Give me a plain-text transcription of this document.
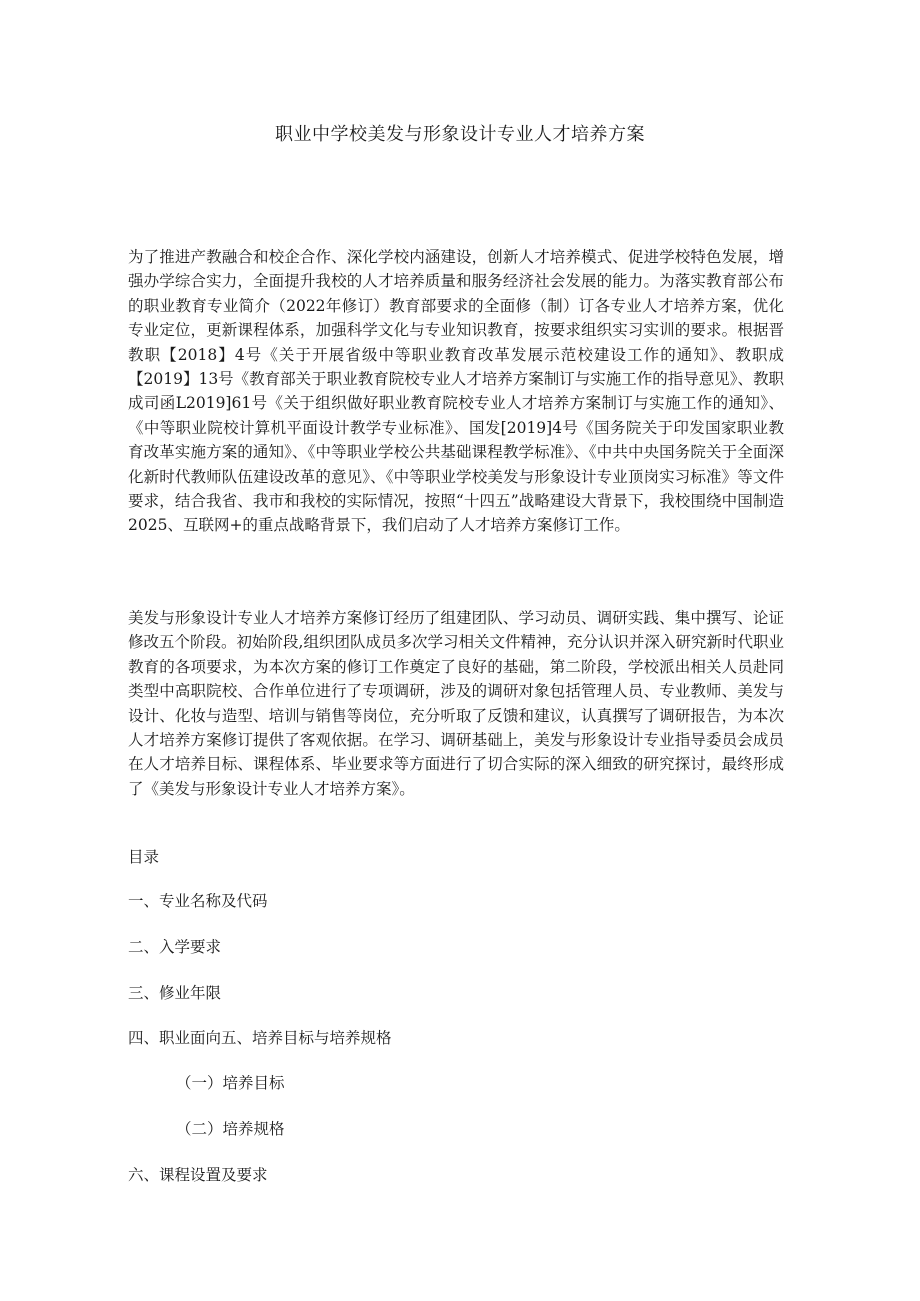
职业中学校美发与形象设计专业人才培养方案

为了推进产教融合和校企合作、深化学校内涵建设，创新人才培养模式、促进学校特色发展，增强办学综合实力，全面提升我校的人才培养质量和服务经济社会发展的能力。为落实教育部公布的职业教育专业简介（2022年修订）教育部要求的全面修（制）订各专业人才培养方案，优化专业定位，更新课程体系，加强科学文化与专业知识教育，按要求组织实习实训的要求。根据晋教职【2018】4号《关于开展省级中等职业教育改革发展示范校建设工作的通知》、教职成【2019】13号《教育部关于职业教育院校专业人才培养方案制订与实施工作的指导意见》、教职成司函L2019]61号《关于组织做好职业教育院校专业人才培养方案制订与实施工作的通知》、《中等职业院校计算机平面设计教学专业标准》、国发[2019]4号《国务院关于印发国家职业教育改革实施方案的通知》、《中等职业学校公共基础课程教学标准》、《中共中央国务院关于全面深化新时代教师队伍建设改革的意见》、《中等职业学校美发与形象设计专业顶岗实习标准》等文件要求，结合我省、我市和我校的实际情况，按照“十四五”战略建设大背景下，我校围绕中国制造2025、互联网+的重点战略背景下，我们启动了人才培养方案修订工作。

美发与形象设计专业人才培养方案修订经历了组建团队、学习动员、调研实践、集中撰写、论证修改五个阶段。初始阶段,组织团队成员多次学习相关文件精神，充分认识并深入研究新时代职业教育的各项要求，为本次方案的修订工作奠定了良好的基础，第二阶段，学校派出相关人员赴同类型中高职院校、合作单位进行了专项调研，涉及的调研对象包括管理人员、专业教师、美发与设计、化妆与造型、培训与销售等岗位，充分听取了反馈和建议，认真撰写了调研报告，为本次人才培养方案修订提供了客观依据。在学习、调研基础上，美发与形象设计专业指导委员会成员在人才培养目标、课程体系、毕业要求等方面进行了切合实际的深入细致的研究探讨，最终形成了《美发与形象设计专业人才培养方案》。

目录
一、专业名称及代码
二、入学要求
三、修业年限
四、职业面向五、培养目标与培养规格
（一）培养目标
（二）培养规格
六、课程设置及要求
